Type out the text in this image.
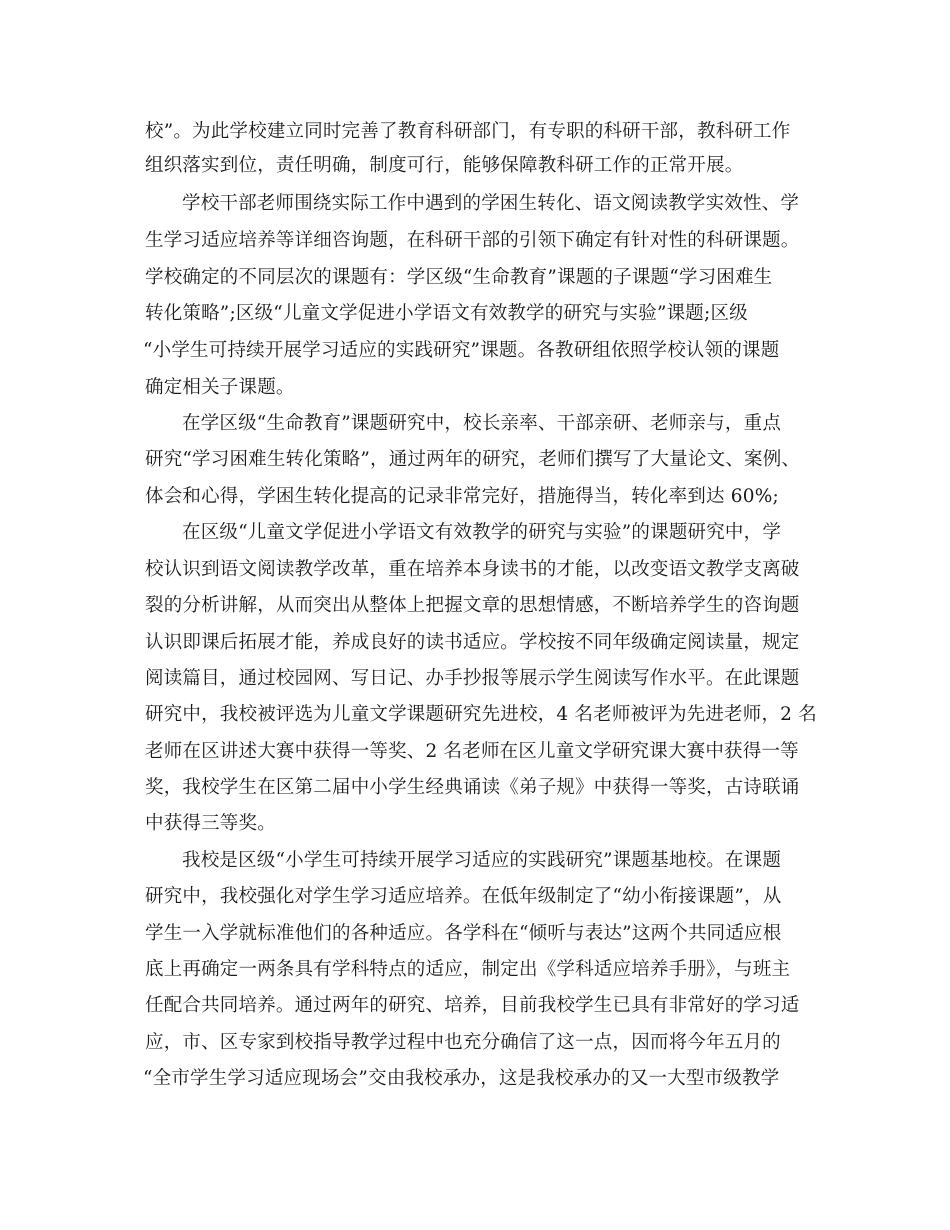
校”。为此学校建立同时完善了教育科研部门，有专职的科研干部，教科研工作
组织落实到位，责任明确，制度可行，能够保障教科研工作的正常开展。
学校干部老师围绕实际工作中遇到的学困生转化、语文阅读教学实效性、学
生学习适应培养等详细咨询题，在科研干部的引领下确定有针对性的科研课题。
学校确定的不同层次的课题有：学区级“生命教育”课题的子课题“学习困难生
转化策略”;区级“儿童文学促进小学语文有效教学的研究与实验”课题;区级
“小学生可持续开展学习适应的实践研究”课题。各教研组依照学校认领的课题
确定相关子课题。
在学区级“生命教育”课题研究中，校长亲率、干部亲研、老师亲与，重点
研究“学习困难生转化策略”，通过两年的研究，老师们撰写了大量论文、案例、
体会和心得，学困生转化提高的记录非常完好，措施得当，转化率到达 60%;
在区级“儿童文学促进小学语文有效教学的研究与实验”的课题研究中，学
校认识到语文阅读教学改革，重在培养本身读书的才能，以改变语文教学支离破
裂的分析讲解，从而突出从整体上把握文章的思想情感，不断培养学生的咨询题
认识即课后拓展才能，养成良好的读书适应。学校按不同年级确定阅读量，规定
阅读篇目，通过校园网、写日记、办手抄报等展示学生阅读写作水平。在此课题
研究中，我校被评选为儿童文学课题研究先进校，4 名老师被评为先进老师，2 名
老师在区讲述大赛中获得一等奖、2 名老师在区儿童文学研究课大赛中获得一等
奖，我校学生在区第二届中小学生经典诵读《弟子规》中获得一等奖，古诗联诵
中获得三等奖。
我校是区级“小学生可持续开展学习适应的实践研究”课题基地校。在课题
研究中，我校强化对学生学习适应培养。在低年级制定了“幼小衔接课题”，从
学生一入学就标准他们的各种适应。各学科在“倾听与表达”这两个共同适应根
底上再确定一两条具有学科特点的适应，制定出《学科适应培养手册》，与班主
任配合共同培养。通过两年的研究、培养，目前我校学生已具有非常好的学习适
应，市、区专家到校指导教学过程中也充分确信了这一点，因而将今年五月的
“全市学生学习适应现场会”交由我校承办，这是我校承办的又一大型市级教学
